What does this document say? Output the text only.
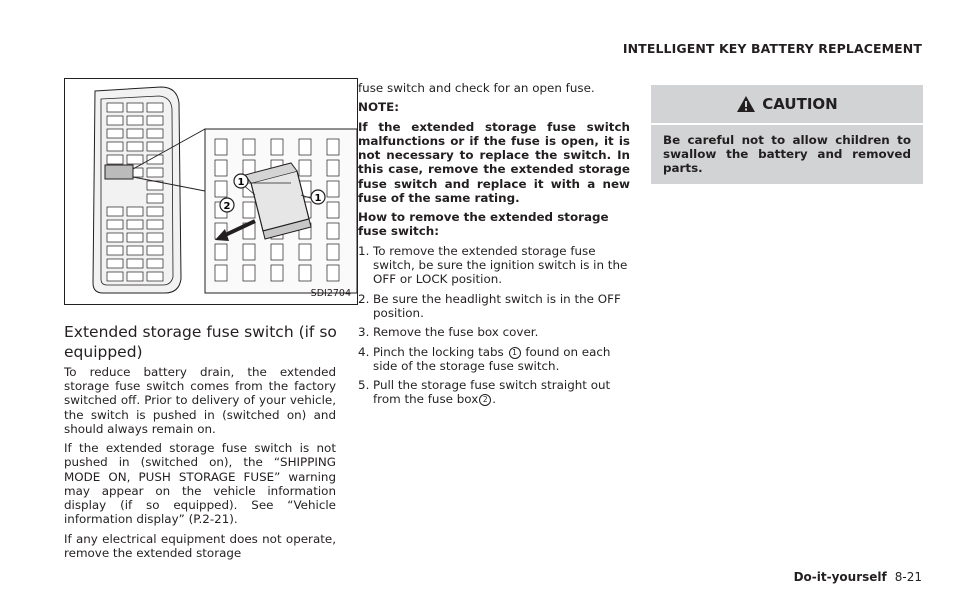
INTELLIGENT KEY BATTERY REPLACEMENT
1
1
2
SDI2704
Extended storage fuse switch (if so equipped)

To reduce battery drain, the extended storage fuse switch comes from the factory switched off. Prior to delivery of your vehicle, the switch is pushed in (switched on) and should always remain on.

If the extended storage fuse switch is not pushed in (switched on), the “SHIPPING MODE ON, PUSH STORAGE FUSE” warning may appear on the vehicle information display (if so equipped). See “Vehicle information display” (P.2-21).

If any electrical equipment does not operate, remove the extended storage

fuse switch and check for an open fuse.

NOTE:

If the extended storage fuse switch malfunctions or if the fuse is open, it is not necessary to replace the switch. In this case, remove the extended storage fuse switch and replace it with a new fuse of the same rating.

How to remove the extended storage fuse switch:

1. To remove the extended storage fuse switch, be sure the ignition switch is in the OFF or LOCK position.
2. Be sure the headlight switch is in the OFF position.
3. Remove the fuse box cover.
4. Pinch the locking tabs 1 found on each side of the storage fuse switch.
5. Pull the storage fuse switch straight out from the fuse box 2 .
CAUTION
Be careful not to allow children to swallow the battery and removed parts.
Do-it-yourself 8-21
